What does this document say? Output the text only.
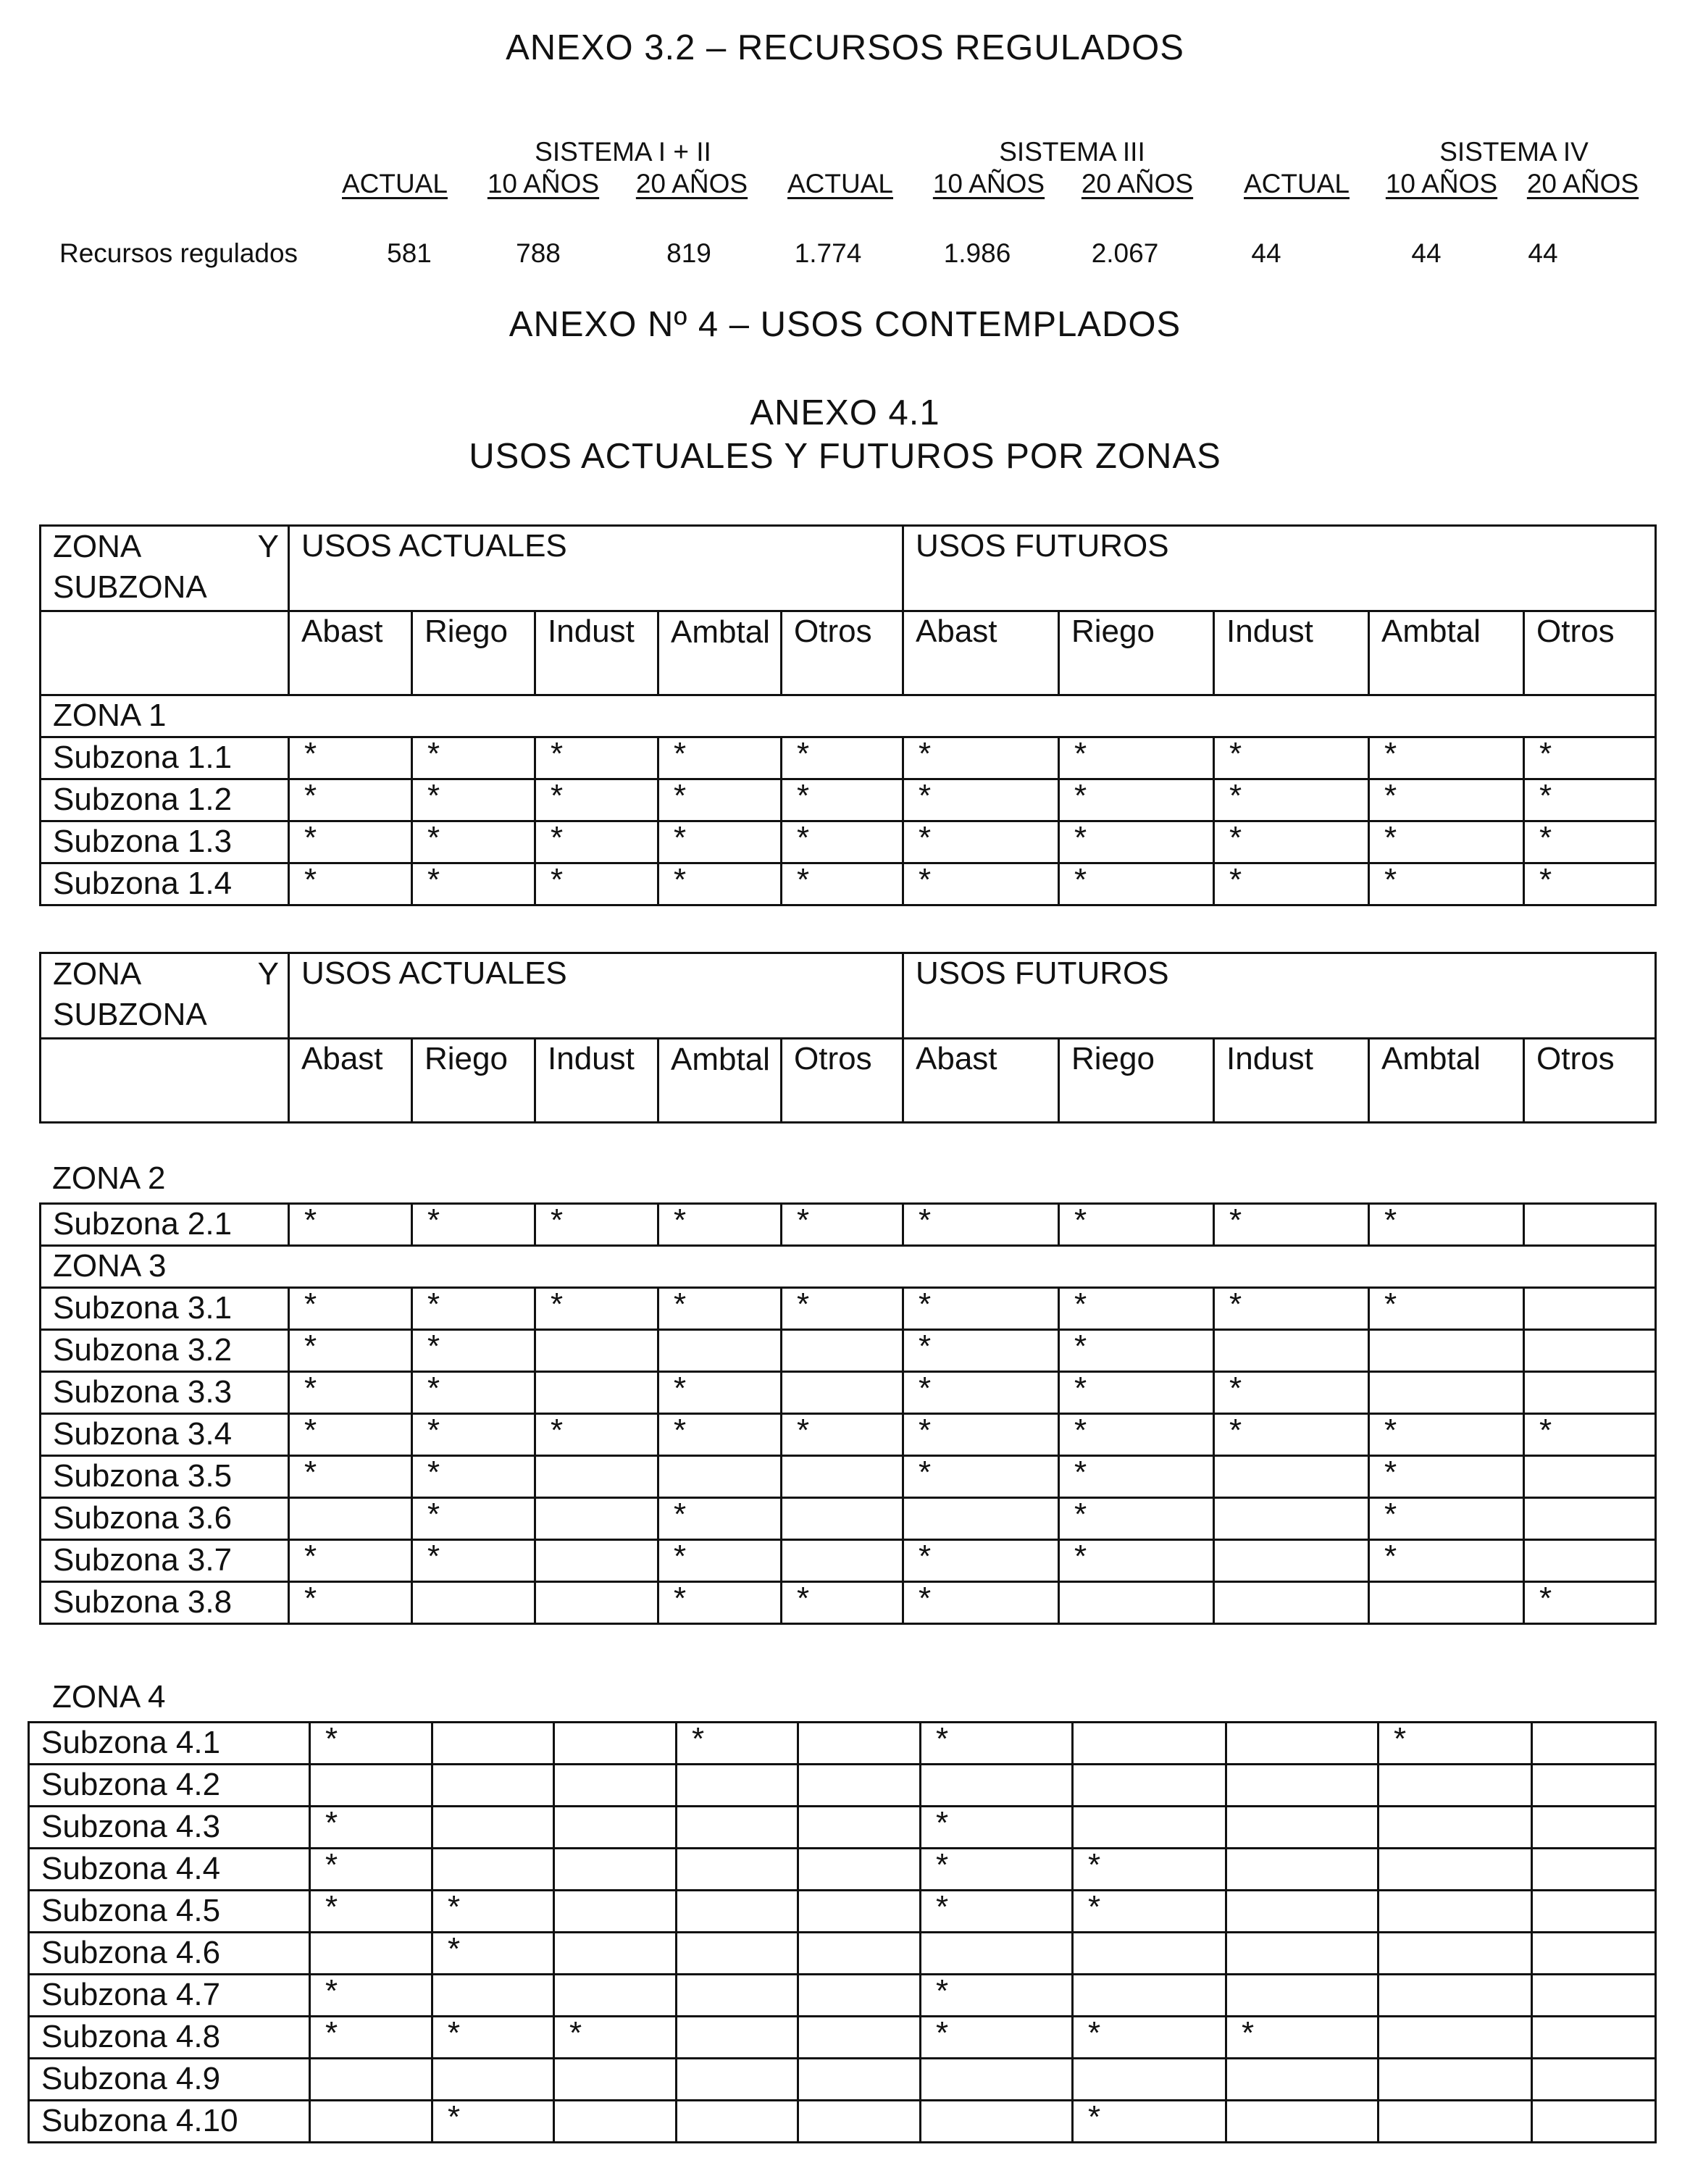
ANEXO 3.2 – RECURSOS REGULADOS
SISTEMA I + II	SISTEMA III	SISTEMA IV
ACTUAL	10 AÑOS	20 AÑOS	ACTUAL	10 AÑOS	20 AÑOS	ACTUAL	10 AÑOS	20 AÑOS
Recursos regulados	581	788	819	1.774	1.986	2.067	44	44	44
ANEXO Nº 4 – USOS CONTEMPLADOS
ANEXO 4.1
USOS ACTUALES Y FUTUROS POR ZONAS
ZONA Y
SUBZONA	USOS ACTUALES					USOS FUTUROS				
	Abast	Riego	Indust	Ambtal	Otros	Abast	Riego	Indust	Ambtal	Otros
ZONA 1										
Subzona 1.1	*	*	*	*	*	*	*	*	*	*
Subzona 1.2	*	*	*	*	*	*	*	*	*	*
Subzona 1.3	*	*	*	*	*	*	*	*	*	*
Subzona 1.4	*	*	*	*	*	*	*	*	*	*
ZONA Y
SUBZONA	USOS ACTUALES					USOS FUTUROS				
	Abast	Riego	Indust	Ambtal	Otros	Abast	Riego	Indust	Ambtal	Otros
ZONA 2
Subzona 2.1	*	*	*	*	*	*	*	*	*	
ZONA 3										
Subzona 3.1	*	*	*	*	*	*	*	*	*	
Subzona 3.2	*	*				*	*			
Subzona 3.3	*	*		*		*	*	*		
Subzona 3.4	*	*	*	*	*	*	*	*	*	*
Subzona 3.5	*	*				*	*		*	
Subzona 3.6		*		*			*		*	
Subzona 3.7	*	*		*		*	*		*	
Subzona 3.8	*			*	*	*				*
ZONA 4
Subzona 4.1	*			*		*			*	
Subzona 4.2										
Subzona 4.3	*					*				
Subzona 4.4	*					*	*			
Subzona 4.5	*	*				*	*			
Subzona 4.6		*								
Subzona 4.7	*					*				
Subzona 4.8	*	*	*			*	*	*		
Subzona 4.9										
Subzona 4.10		*					*			
